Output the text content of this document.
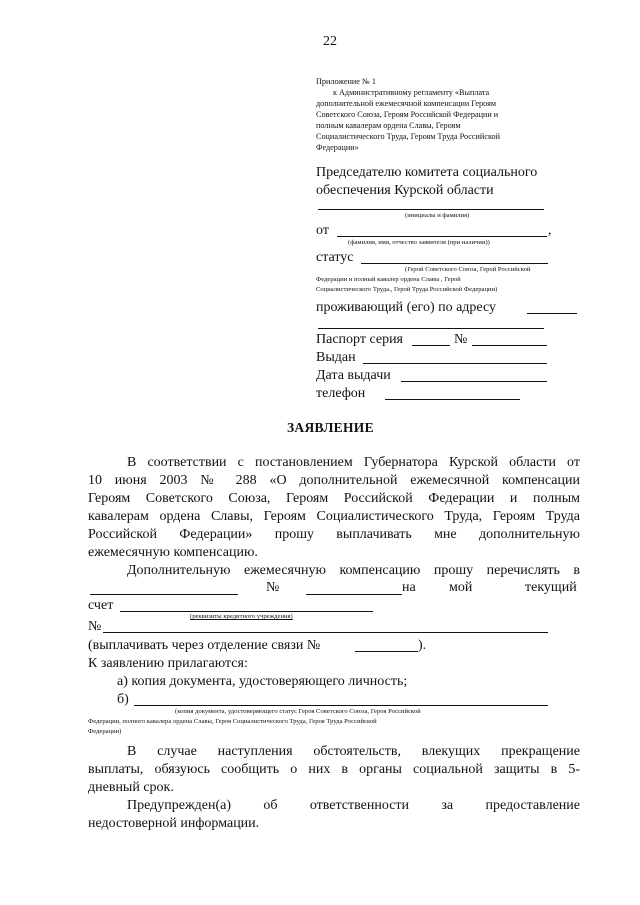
22
Приложение № 1
к Административному регламенту «Выплата
дополнительной ежемесячной компенсации Героям
Советского Союза, Героям Российской Федерации и
полным кавалерам ордена Славы, Героям
Социалистического Труда, Героям Труда Российской
Федерации»
Председателю комитета социального
обеспечения Курской области
(инициалы и фамилия)
от	,
(фамилия, имя, отчество заявителя (при наличии))
статус
(Герой Советского Союза, Герой Российской
Федерации и полный кавалер ордена Славы , Герой
Социалистического Труда., Герой Труда Российской Федерации)
проживающий (его) по адресу
Паспорт серия	№
Выдан
Дата выдачи
телефон
ЗАЯВЛЕНИЕ
В соответствии с постановлением Губернатора Курской области от
10 июня 2003 № 288 «О дополнительной ежемесячной компенсации
Героям Советского Союза, Героям Российской Федерации и полным
кавалерам ордена Славы, Героям Социалистического Труда, Героям Труда
Российской Федерации» прошу выплачивать мне дополнительную
ежемесячную компенсацию.
Дополнительную ежемесячную компенсацию прошу перечислять в
№	на мой	текущий
счет
(реквизиты кредитного учреждения)
№
(выплачивать через отделение связи №	).
К заявлению прилагаются:
а) копия документа, удостоверяющего личность;
б)
(копия документа, удостоверяющего статус Героя Советского Союза, Героя Российской
Федерации, полного кавалера ордена Славы, Героя Социалистического Труда, Героя Труда Российской
Федерации)
В случае наступления обстоятельств, влекущих прекращение
выплаты, обязуюсь сообщить о них в органы социальной защиты в 5-
дневный срок.
Предупрежден(а) об ответственности за предоставление
недостоверной информации.
